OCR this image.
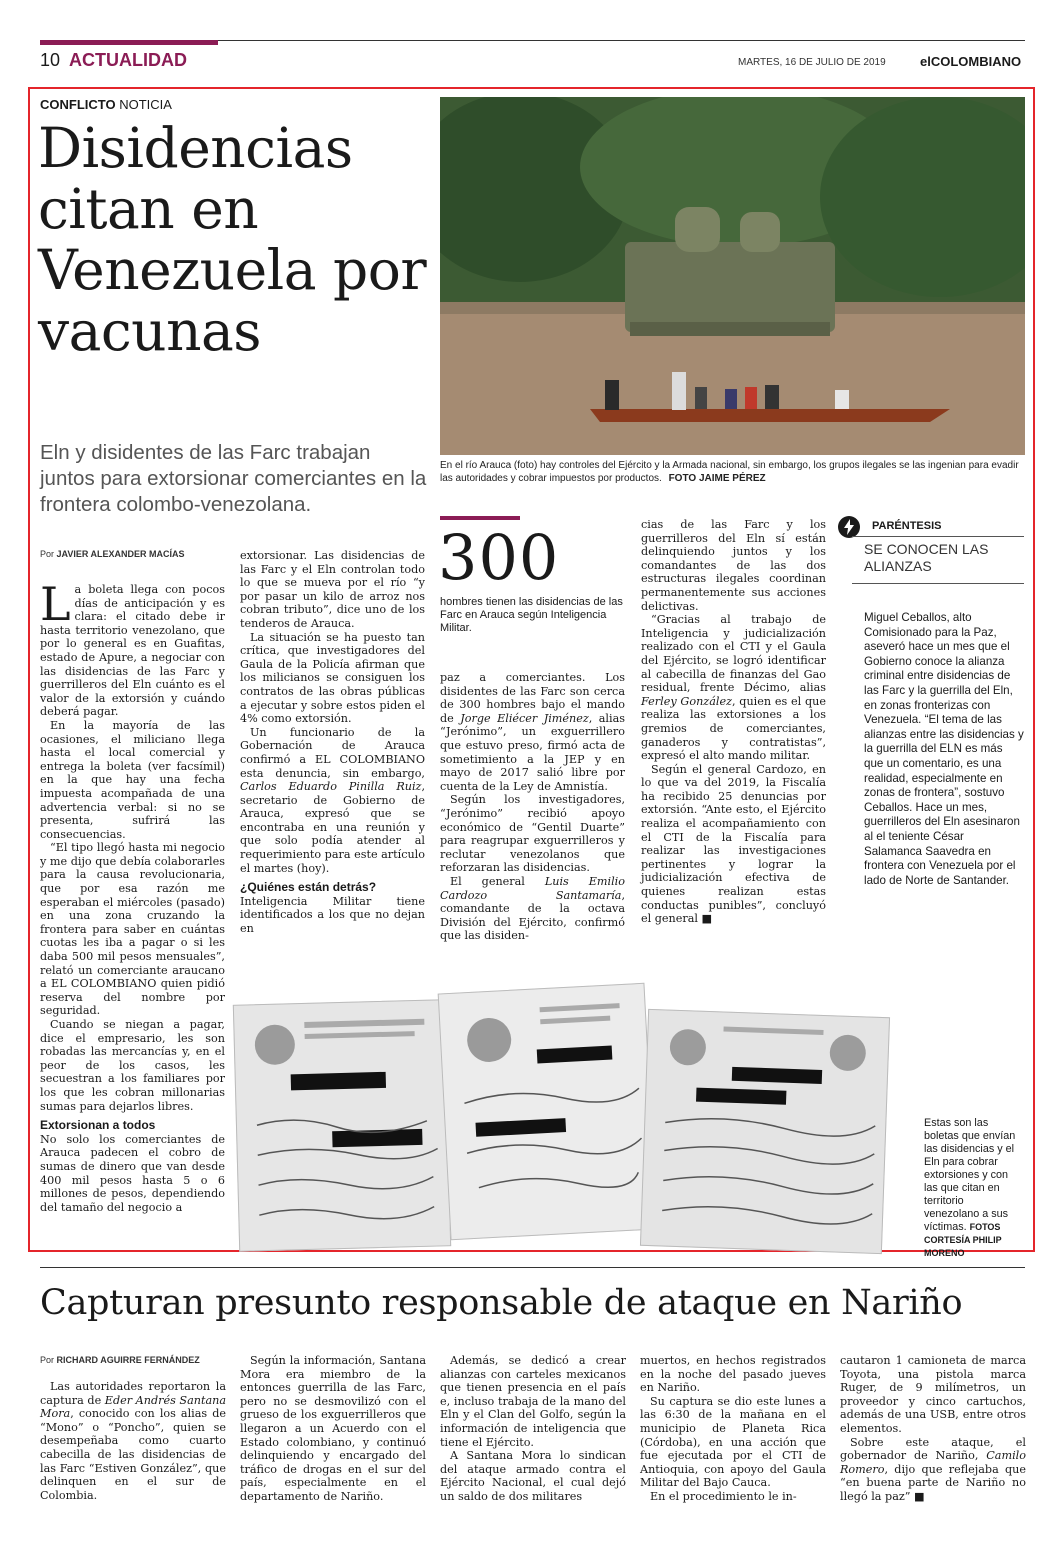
10 ACTUALIDAD	MARTES, 16 DE JULIO DE 2019	elCOLOMBIANO
CONFLICTO NOTICIA
Disidencias citan en Venezuela por vacunas
Eln y disidentes de las Farc trabajan juntos para extorsionar comerciantes en la frontera colombo-venezolana.
En el río Arauca (foto) hay controles del Ejército y la Armada nacional, sin embargo, los grupos ilegales se las ingenian para evadir las autoridades y cobrar impuestos por productos. FOTO JAIME PÉREZ
Por JAVIER ALEXANDER MACÍAS

La boleta llega con pocos días de anticipación y es clara: el citado debe ir hasta territorio venezolano, que por lo general es en Guafitas, estado de Apure, a negociar con las disidencias de las Farc y guerrilleros del Eln cuánto es el valor de la extorsión y cuándo deberá pagar.

En la mayoría de las ocasiones, el miliciano llega hasta el local comercial y entrega la boleta (ver facsímil) en la que hay una fecha impuesta acompañada de una advertencia verbal: si no se presenta, sufrirá las consecuencias.

“El tipo llegó hasta mi negocio y me dijo que debía colaborarles para la causa revolucionaria, que por esa razón me esperaban el miércoles (pasado) en una zona cruzando la frontera para saber en cuántas cuotas les iba a pagar o si les daba 500 mil pesos mensuales”, relató un comerciante araucano a EL COLOMBIANO quien pidió reserva del nombre por seguridad.

Cuando se niegan a pagar, dice el empresario, les son robadas las mercancías y, en el peor de los casos, les secuestran a los familiares por los que les cobran millonarias sumas para dejarlos libres.

Extorsionan a todos

No solo los comerciantes de Arauca padecen el cobro de sumas de dinero que van desde 400 mil pesos hasta 5 o 6 millones de pesos, dependiendo del tamaño del negocio a

extorsionar. Las disidencias de las Farc y el Eln controlan todo lo que se mueva por el río “y por pasar un kilo de arroz nos cobran tributo”, dice uno de los tenderos de Arauca.

La situación se ha puesto tan crítica, que investigadores del Gaula de la Policía afirman que los milicianos se consiguen los contratos de las obras públicas a ejecutar y sobre estos piden el 4% como extorsión.

Un funcionario de la Gobernación de Arauca confirmó a EL COLOMBIANO esta denuncia, sin embargo, Carlos Eduardo Pinilla Ruiz, secretario de Gobierno de Arauca, expresó que se encontraba en una reunión y que solo podía atender al requerimiento para este artículo el martes (hoy).

¿Quiénes están detrás?

Inteligencia Militar tiene identificados a los que no dejan en

300
hombres tienen las disidencias de las Farc en Arauca según Inteligencia Militar.

paz a comerciantes. Los disidentes de las Farc son cerca de 300 hombres bajo el mando de Jorge Eliécer Jiménez, alias “Jerónimo”, un exguerrillero que estuvo preso, firmó acta de sometimiento a la JEP y en mayo de 2017 salió libre por cuenta de la Ley de Amnistía.

Según los investigadores, “Jerónimo” recibió apoyo económico de “Gentil Duarte” para reagrupar exguerrilleros y reclutar venezolanos que reforzaran las disidencias.

El general Luis Emilio Cardozo Santamaría, comandante de la octava División del Ejército, confirmó que las disiden-

cias de las Farc y los guerrilleros del Eln sí están delinquiendo juntos y los comandantes de las dos estructuras ilegales coordinan permanentemente sus acciones delictivas.

“Gracias al trabajo de Inteligencia y judicialización realizado con el CTI y el Gaula del Ejército, se logró identificar al cabecilla de finanzas del Gao residual, frente Décimo, alias Ferley González, quien es el que realiza las extorsiones a los gremios de comerciantes, ganaderos y contratistas”, expresó el alto mando militar.

Según el general Cardozo, en lo que va del 2019, la Fiscalía ha recibido 25 denuncias por extorsión. “Ante esto, el Ejército realiza el acompañamiento con el CTI de la Fiscalía para realizar las investigaciones pertinentes y lograr la judicialización efectiva de quienes realizan estas conductas punibles”, concluyó el general ■

PARÉNTESIS
SE CONOCEN LAS ALIANZAS
Miguel Ceballos, alto Comisionado para la Paz, aseveró hace un mes que el Gobierno conoce la alianza criminal entre disidencias de las Farc y la guerrilla del Eln, en zonas fronterizas con Venezuela. “El tema de las alianzas entre las disidencias y la guerrilla del ELN es más que un comentario, es una realidad, especialmente en zonas de frontera”, sostuvo Ceballos. Hace un mes, guerrilleros del Eln asesinaron al el teniente César Salamanca Saavedra en frontera con Venezuela por el lado de Norte de Santander.
Estas son las boletas que envían las disidencias y el Eln para cobrar extorsiones y con las que citan en territorio venezolano a sus víctimas. FOTOS CORTESÍA PHILIP MORENO
Capturan presunto responsable de ataque en Nariño
Por RICHARD AGUIRRE FERNÁNDEZ

Las autoridades reportaron la captura de Eder Andrés Santana Mora, conocido con los alias de “Mono” o “Poncho”, quien se desempeñaba como cuarto cabecilla de las disidencias de las Farc “Estiven González”, que delinquen en el sur de Colombia.

Según la información, Santana Mora era miembro de la entonces guerrilla de las Farc, pero no se desmovilizó con el grueso de los exguerrilleros que llegaron a un Acuerdo con el Estado colombiano, y continuó delinquiendo y encargado del tráfico de drogas en el sur del país, especialmente en el departamento de Nariño.

Además, se dedicó a crear alianzas con carteles mexicanos que tienen presencia en el país e, incluso trabaja de la mano del Eln y el Clan del Golfo, según la información de inteligencia que tiene el Ejército.

A Santana Mora lo sindican del ataque armado contra el Ejército Nacional, el cual dejó un saldo de dos militares

muertos, en hechos registrados en la noche del pasado jueves en Nariño.

Su captura se dio este lunes a las 6:30 de la mañana en el municipio de Planeta Rica (Córdoba), en una acción que fue ejecutada por el CTI de Antioquia, con apoyo del Gaula Militar del Bajo Cauca.

En el procedimiento le in-

cautaron 1 camioneta de marca Toyota, una pistola marca Ruger, de 9 milímetros, un proveedor y cinco cartuchos, además de una USB, entre otros elementos.

Sobre este ataque, el gobernador de Nariño, Camilo Romero, dijo que reflejaba que “en buena parte de Nariño no llegó la paz” ■
